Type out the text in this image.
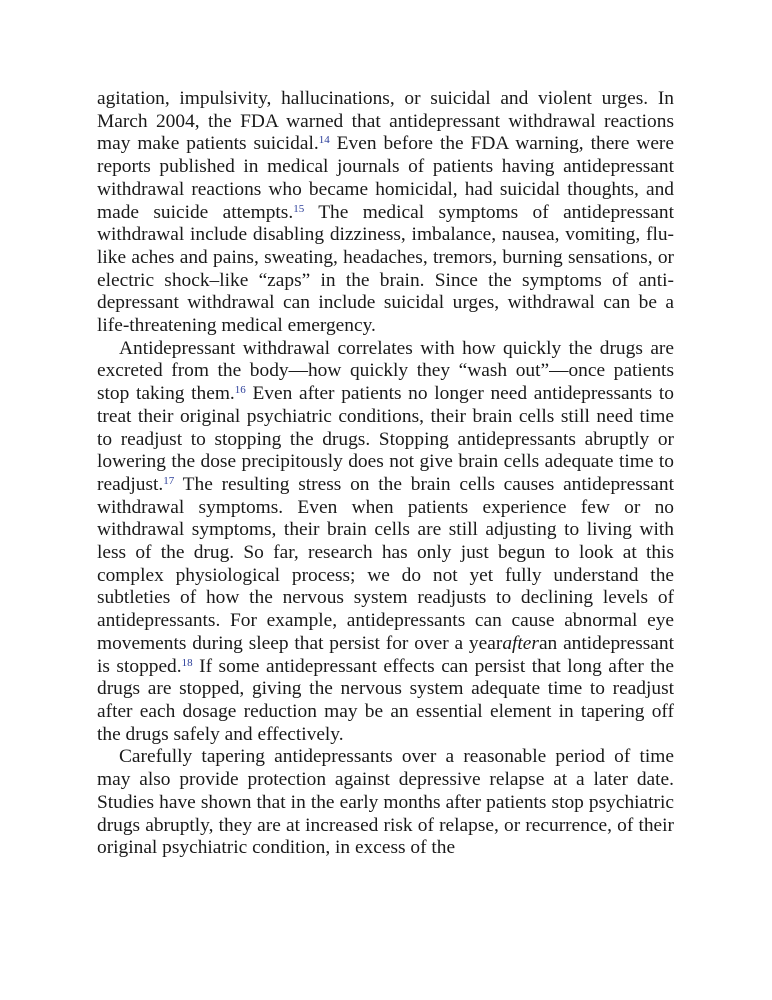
agitation, impulsivity, hallucinations, or suicidal and violent urges. In March 2004, the FDA warned that antidepressant withdrawal reactions may make patients suicidal.$^{14}$ Even before the FDA warning, there were reports published in medical journals of patients having antidepressant withdrawal reactions who became homicidal, had suicidal thoughts, and made suicide attempts.$^{15}$ The medical symptoms of antidepressant withdrawal include disabling dizziness, imbalance, nausea, vomiting, flu-like aches and pains, sweating, headaches, tremors, burning sensations, or electric shock–like “zaps” in the brain. Since the symptoms of anti-depressant withdrawal can include suicidal urges, withdrawal can be a life-threatening medical emergency.

Antidepressant withdrawal correlates with how quickly the drugs are excreted from the body—how quickly they “wash out”—once patients stop taking them.$^{16}$ Even after patients no longer need antidepressants to treat their original psychiatric conditions, their brain cells still need time to readjust to stopping the drugs. Stopping antidepressants abruptly or lowering the dose precipitously does not give brain cells adequate time to readjust.$^{17}$ The resulting stress on the brain cells causes antidepressant withdrawal symptoms. Even when patients experience few or no withdrawal symptoms, their brain cells are still adjusting to living with less of the drug. So far, research has only just begun to look at this complex physiological process; we do not yet fully understand the subtleties of how the nervous system readjusts to declining levels of antidepressants. For example, antidepressants can cause abnormal eye movements during sleep that persist for over a yearafteran antidepressant is stopped.$^{18}$ If some antidepressant effects can persist that long after the drugs are stopped, giving the nervous system adequate time to readjust after each dosage reduction may be an essential element in tapering off the drugs safely and effectively.

Carefully tapering antidepressants over a reasonable period of time may also provide protection against depressive relapse at a later date. Studies have shown that in the early months after patients stop psychiatric drugs abruptly, they are at increased risk of relapse, or recurrence, of their original psychiatric condition, in excess of the
